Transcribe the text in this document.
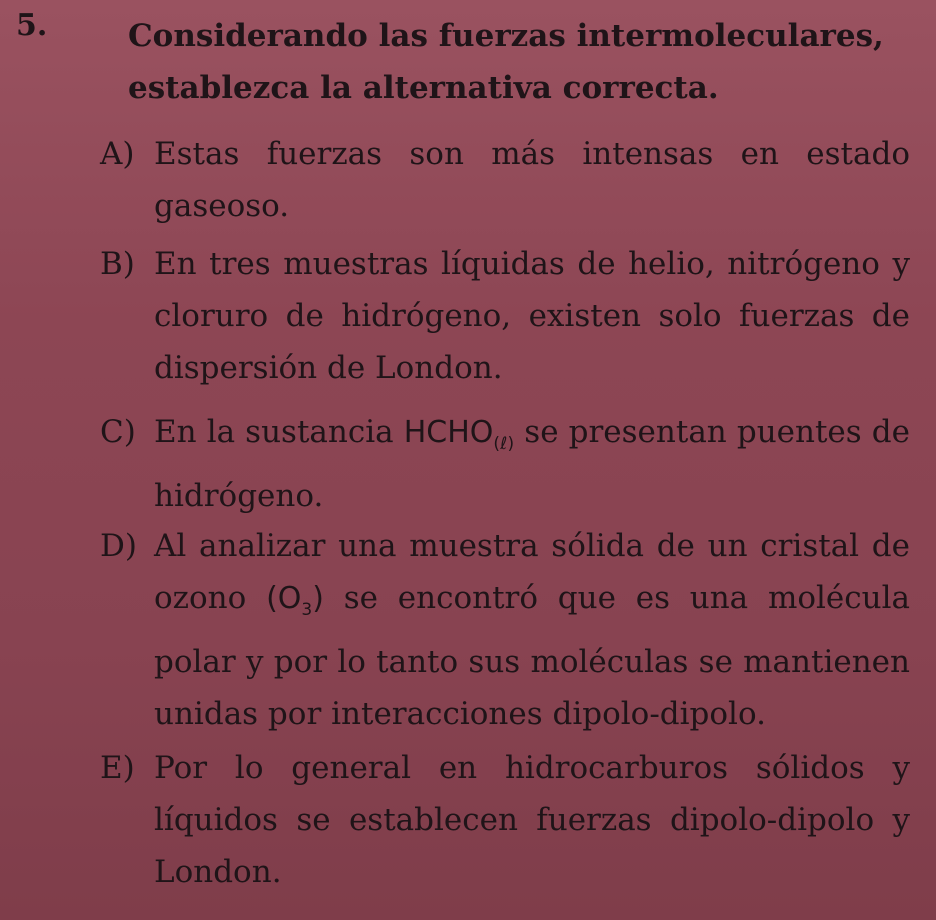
5.	Considerando las fuerzas intermoleculares, establezca la alternativa correcta.
A) Estas fuerzas son más intensas en estado gaseoso.
B) En tres muestras líquidas de helio, nitrógeno y cloruro de hidrógeno, existen solo fuerzas de dispersión de London.
C) En la sustancia $HCHO_{(\ell)}$ se presentan puentes de hidrógeno.
D) Al analizar una muestra sólida de un cristal de ozono $(O_3)$ se encontró que es una molécula polar y por lo tanto sus moléculas se mantienen unidas por interacciones dipolo-dipolo.
E) Por lo general en hidrocarburos sólidos y líquidos se establecen fuerzas dipolo-dipolo y London.
